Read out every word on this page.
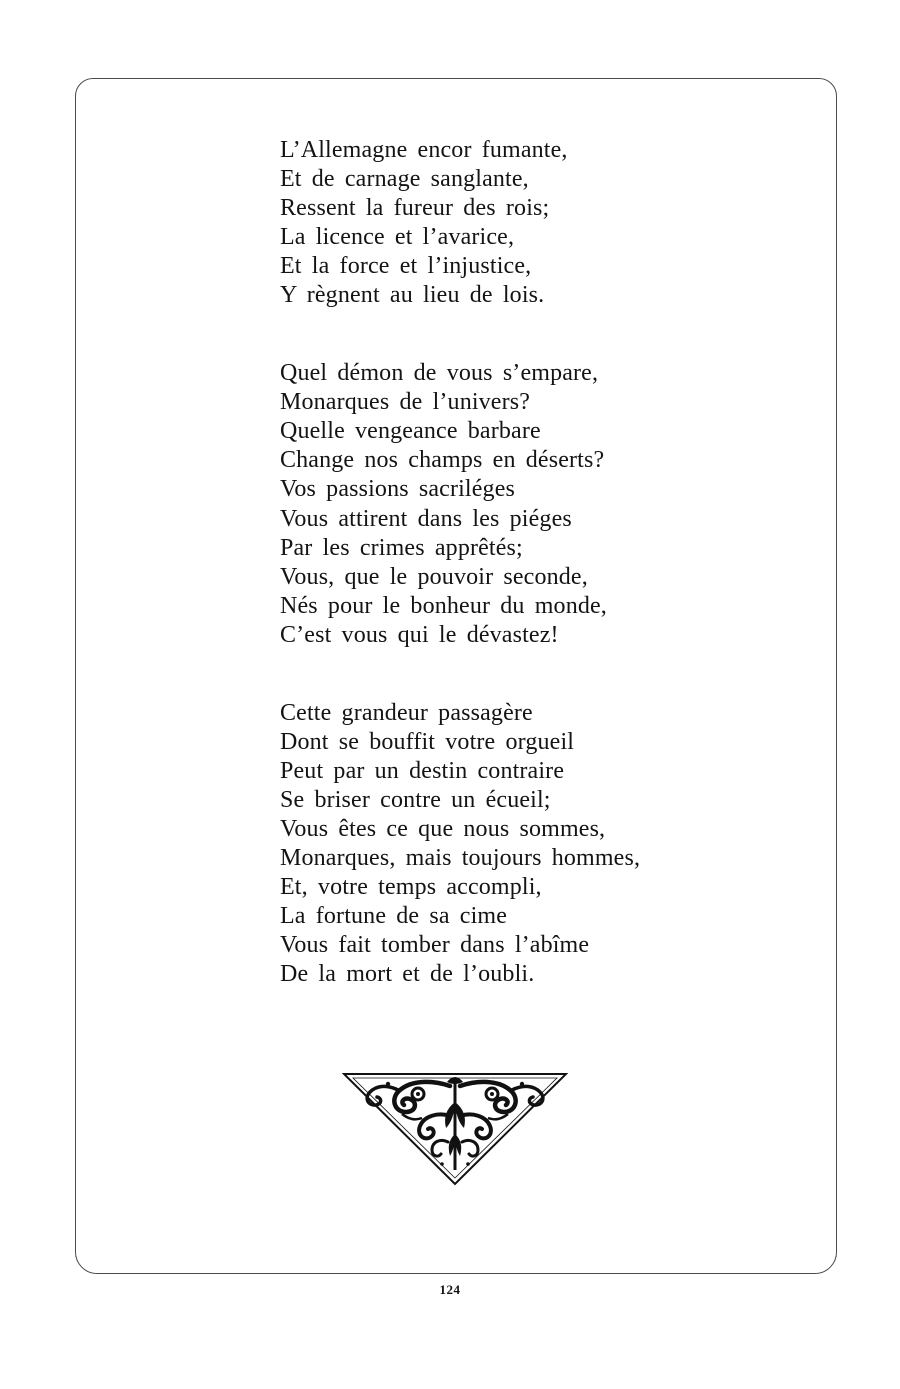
L’Allemagne encor fumante,
Et de carnage sanglante,
Ressent la fureur des rois;
La licence et l’avarice,
Et la force et l’injustice,
Y règnent au lieu de lois.
Quel démon de vous s’empare,
Monarques de l’univers?
Quelle vengeance barbare
Change nos champs en déserts?
Vos passions sacriléges
Vous attirent dans les piéges
Par les crimes apprêtés;
Vous, que le pouvoir seconde,
Nés pour le bonheur du monde,
C’est vous qui le dévastez!
Cette grandeur passagère
Dont se bouffit votre orgueil
Peut par un destin contraire
Se briser contre un écueil;
Vous êtes ce que nous sommes,
Monarques, mais toujours hommes,
Et, votre temps accompli,
La fortune de sa cime
Vous fait tomber dans l’abîme
De la mort et de l’oubli.
124
